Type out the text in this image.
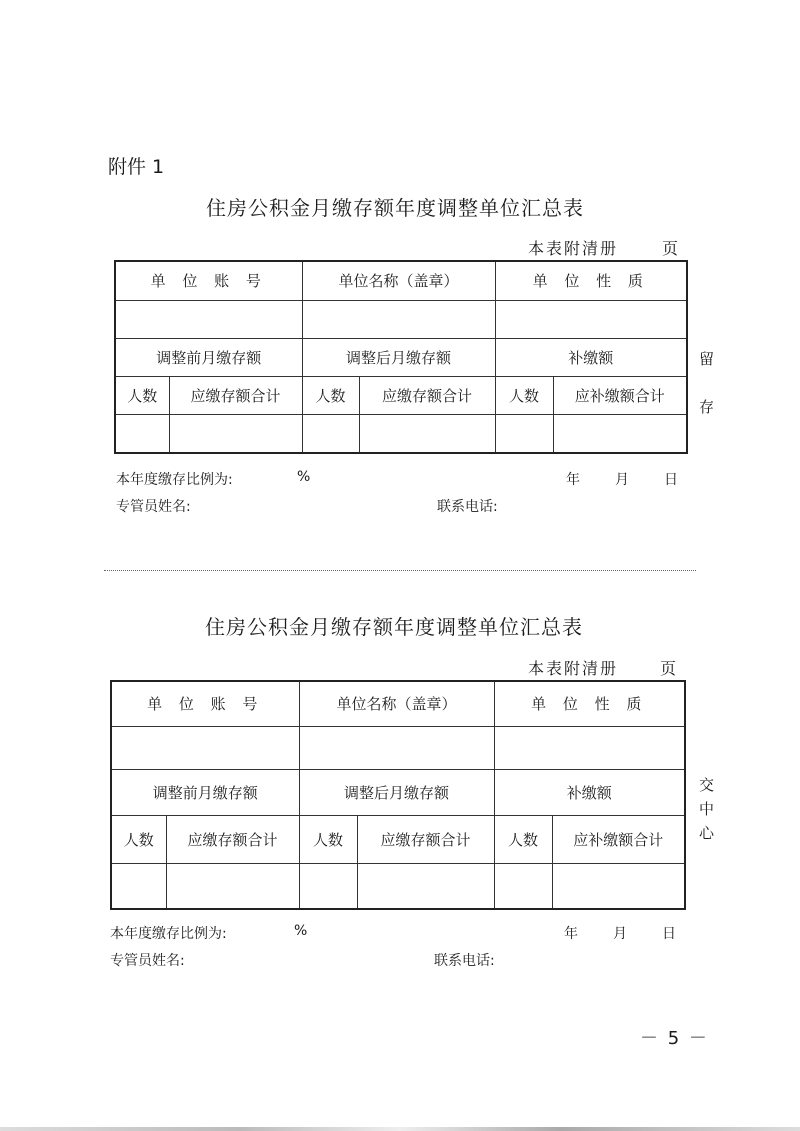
附件 1
住房公积金月缴存额年度调整单位汇总表
本表附清册	页
单 位 账 号		单位名称（盖章）		单 位 性 质	

调整前月缴存额		调整后月缴存额		补缴额	
人数	应缴存额合计	人数	应缴存额合计	人数	应补缴额合计

留
存
本年度缴存比例为:	%	年	月	日
专管员姓名:	联系电话:
住房公积金月缴存额年度调整单位汇总表
本表附清册	页
单 位 账 号		单位名称（盖章）		单 位 性 质	

调整前月缴存额		调整后月缴存额		补缴额	
人数	应缴存额合计	人数	应缴存额合计	人数	应补缴额合计

交
中
心
本年度缴存比例为:	%	年	月	日
专管员姓名:	联系电话:
－ 5 －
